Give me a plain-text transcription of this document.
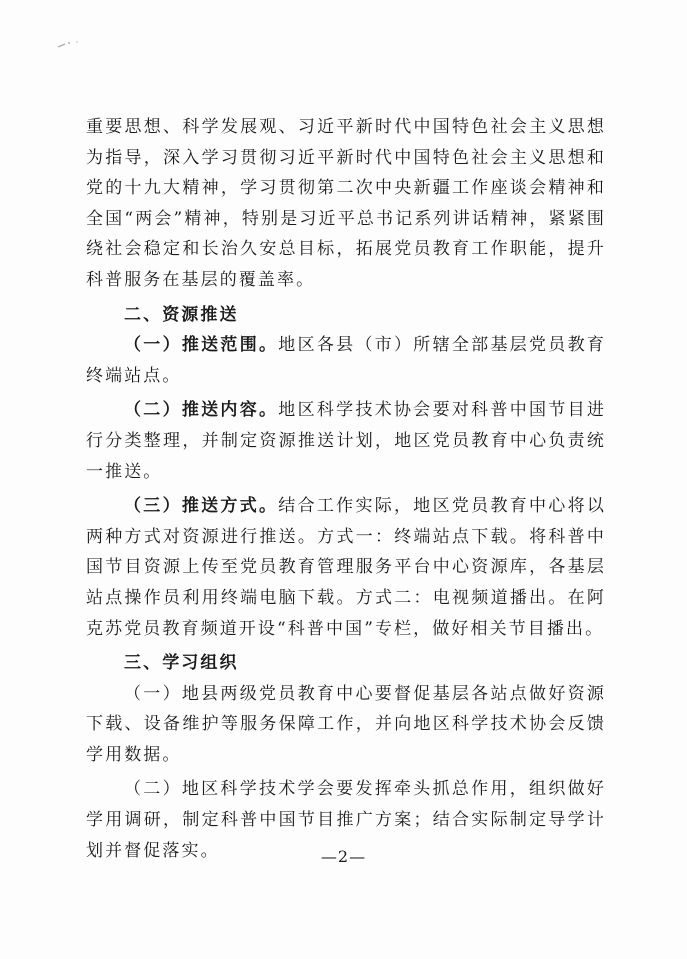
重要思想、科学发展观、习近平新时代中国特色社会主义思想为指导，深入学习贯彻习近平新时代中国特色社会主义思想和党的十九大精神，学习贯彻第二次中央新疆工作座谈会精神和全国“两会”精神，特别是习近平总书记系列讲话精神，紧紧围绕社会稳定和长治久安总目标，拓展党员教育工作职能，提升科普服务在基层的覆盖率。

二、资源推送

（一）推送范围。地区各县（市）所辖全部基层党员教育终端站点。

（二）推送内容。地区科学技术协会要对科普中国节目进行分类整理，并制定资源推送计划，地区党员教育中心负责统一推送。

（三）推送方式。结合工作实际，地区党员教育中心将以两种方式对资源进行推送。方式一：终端站点下载。将科普中国节目资源上传至党员教育管理服务平台中心资源库，各基层站点操作员利用终端电脑下载。方式二：电视频道播出。在阿克苏党员教育频道开设“科普中国”专栏，做好相关节目播出。

三、学习组织

（一）地县两级党员教育中心要督促基层各站点做好资源下载、设备维护等服务保障工作，并向地区科学技术协会反馈学用数据。

（二）地区科学技术学会要发挥牵头抓总作用，组织做好学用调研，制定科普中国节目推广方案；结合实际制定导学计划并督促落实。	—2—
